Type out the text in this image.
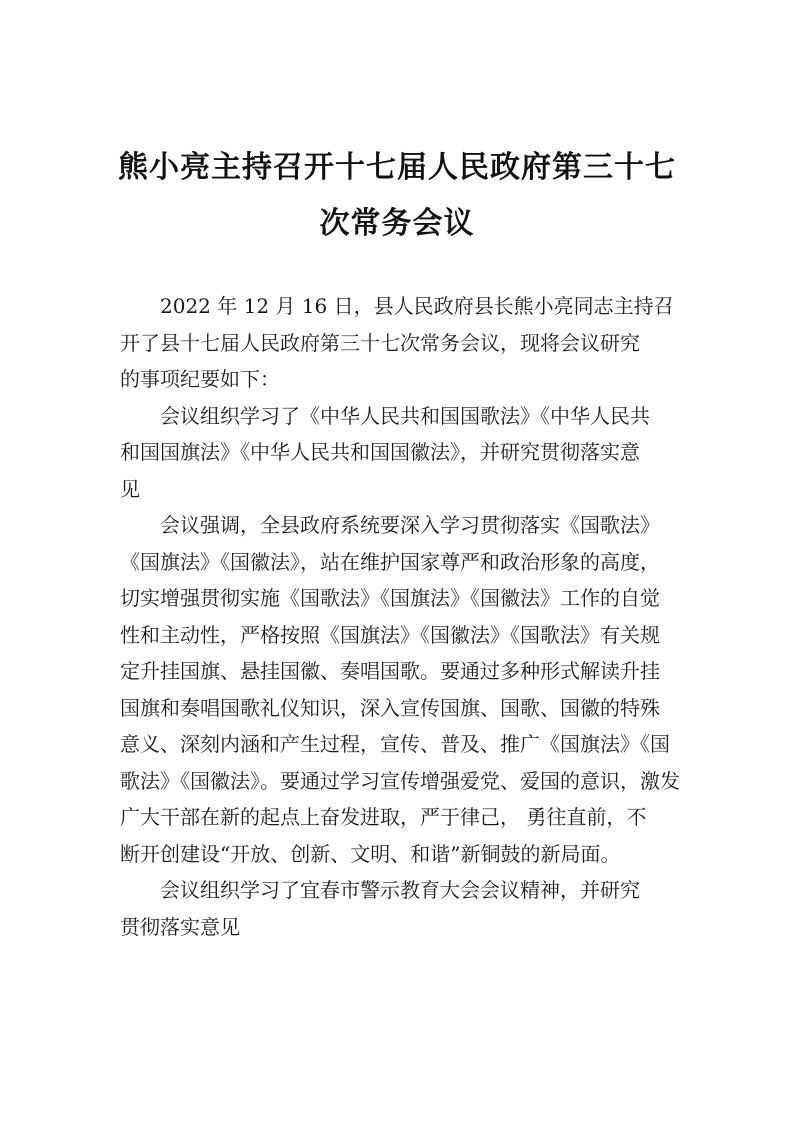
熊小亮主持召开十七届人民政府第三十七
次常务会议
2022 年 12 月 16 日，县人民政府县长熊小亮同志主持召
开了县十七届人民政府第三十七次常务会议，现将会议研究
的事项纪要如下：
会议组织学习了《中华人民共和国国歌法》《中华人民共
和国国旗法》《中华人民共和国国徽法》，并研究贯彻落实意
见
会议强调，全县政府系统要深入学习贯彻落实《国歌法》
《国旗法》《国徽法》，站在维护国家尊严和政治形象的高度，
切实增强贯彻实施《国歌法》《国旗法》《国徽法》工作的自觉
性和主动性，严格按照《国旗法》《国徽法》《国歌法》有关规
定升挂国旗、悬挂国徽、奏唱国歌。要通过多种形式解读升挂
国旗和奏唱国歌礼仪知识，深入宣传国旗、国歌、国徽的特殊
意义、深刻内涵和产生过程，宣传、普及、推广《国旗法》《国
歌法》《国徽法》。要通过学习宣传增强爱党、爱国的意识，激发
广大干部在新的起点上奋发进取，严于律己， 勇往直前，不
断开创建设“开放、创新、文明、和谐”新铜鼓的新局面。
会议组织学习了宜春市警示教育大会会议精神，并研究
贯彻落实意见
